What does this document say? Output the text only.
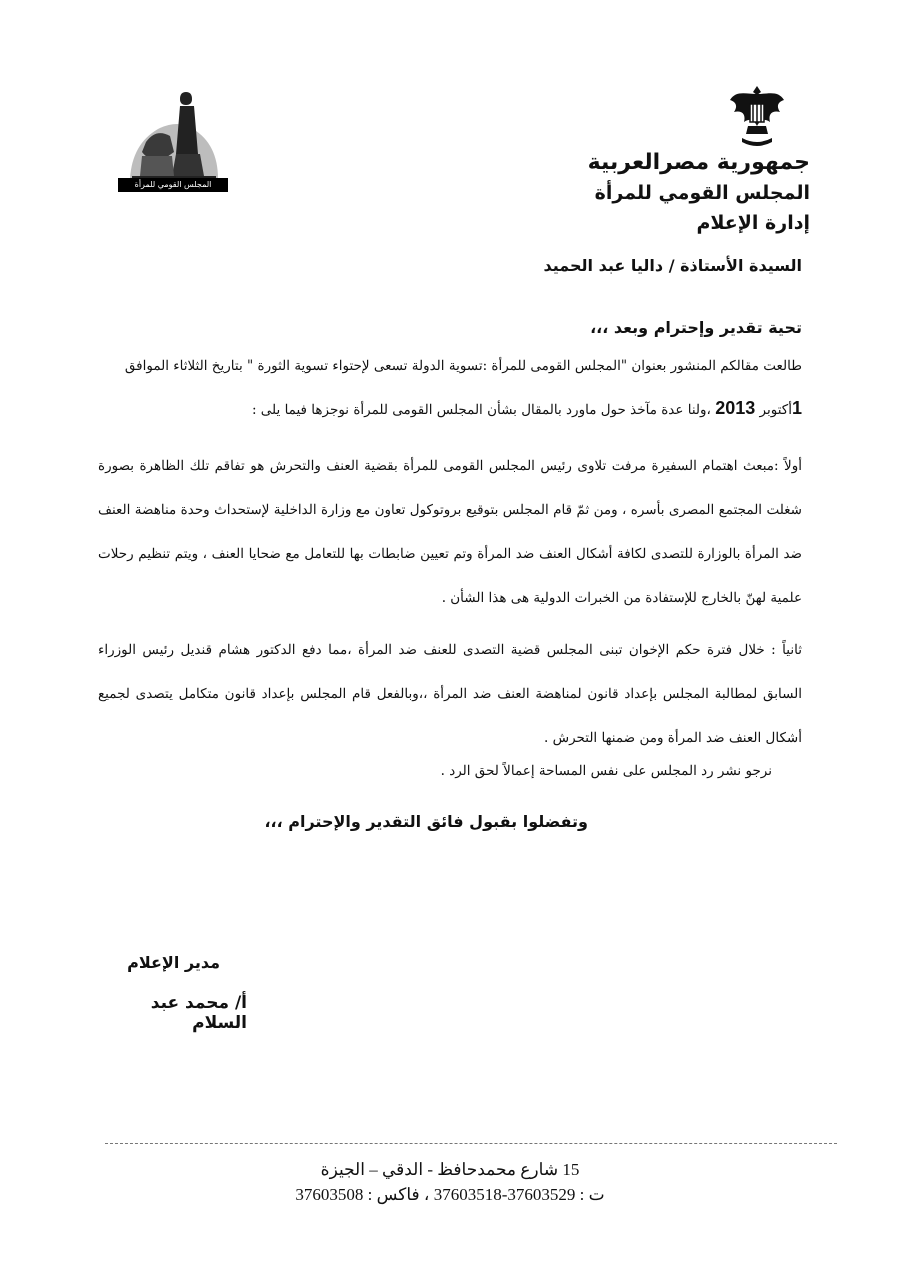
جمهورية مصرالعربية
المجلس القومي للمرأة
إدارة الإعلام
المجلس القومي للمرأة
السيدة الأستاذة / داليا عبد الحميد
تحية تقدير وإحترام وبعد ،،،
طالعت مقالكم المنشور بعنوان "المجلس القومى للمرأة :تسوية الدولة تسعى لإحتواء تسوية الثورة " بتاريخ الثلاثاء الموافق
1أكتوبر 2013 ،ولنا عدة مآخذ حول ماورد بالمقال بشأن المجلس القومى للمرأة نوجزها فيما يلى :
أولاً :مبعث اهتمام السفيرة مرفت تلاوى رئيس المجلس القومى للمرأة بقضية العنف والتحرش هو تفاقم تلك الظاهرة بصورة شغلت المجتمع المصرى بأسره ، ومن ثمّ قام المجلس بتوقيع بروتوكول تعاون مع وزارة الداخلية لإستحداث وحدة مناهضة العنف ضد المرأة بالوزارة للتصدى لكافة أشكال العنف ضد المرأة وتم تعيين ضابطات بها للتعامل مع ضحايا العنف ، ويتم تنظيم رحلات علمية لهنّ بالخارج للإستفادة من الخبرات الدولية هى هذا الشأن .
ثانياً : خلال فترة حكم الإخوان تبنى المجلس قضية التصدى للعنف ضد المرأة ،مما دفع الدكتور هشام قنديل رئيس الوزراء السابق لمطالبة المجلس بإعداد قانون لمناهضة العنف ضد المرأة ،،وبالفعل قام المجلس بإعداد قانون متكامل يتصدى لجميع أشكال العنف ضد المرأة ومن ضمنها التحرش .
نرجو نشر رد المجلس على نفس المساحة إعمالاً لحق الرد .
وتفضلوا بقبول فائق التقدير والإحترام ،،،
مدير الإعلام
أ/ محمد عبد السلام
15 شارع محمدحافظ - الدقي – الجيزة
ت : 37603529-37603518 ، فاكس : 37603508
